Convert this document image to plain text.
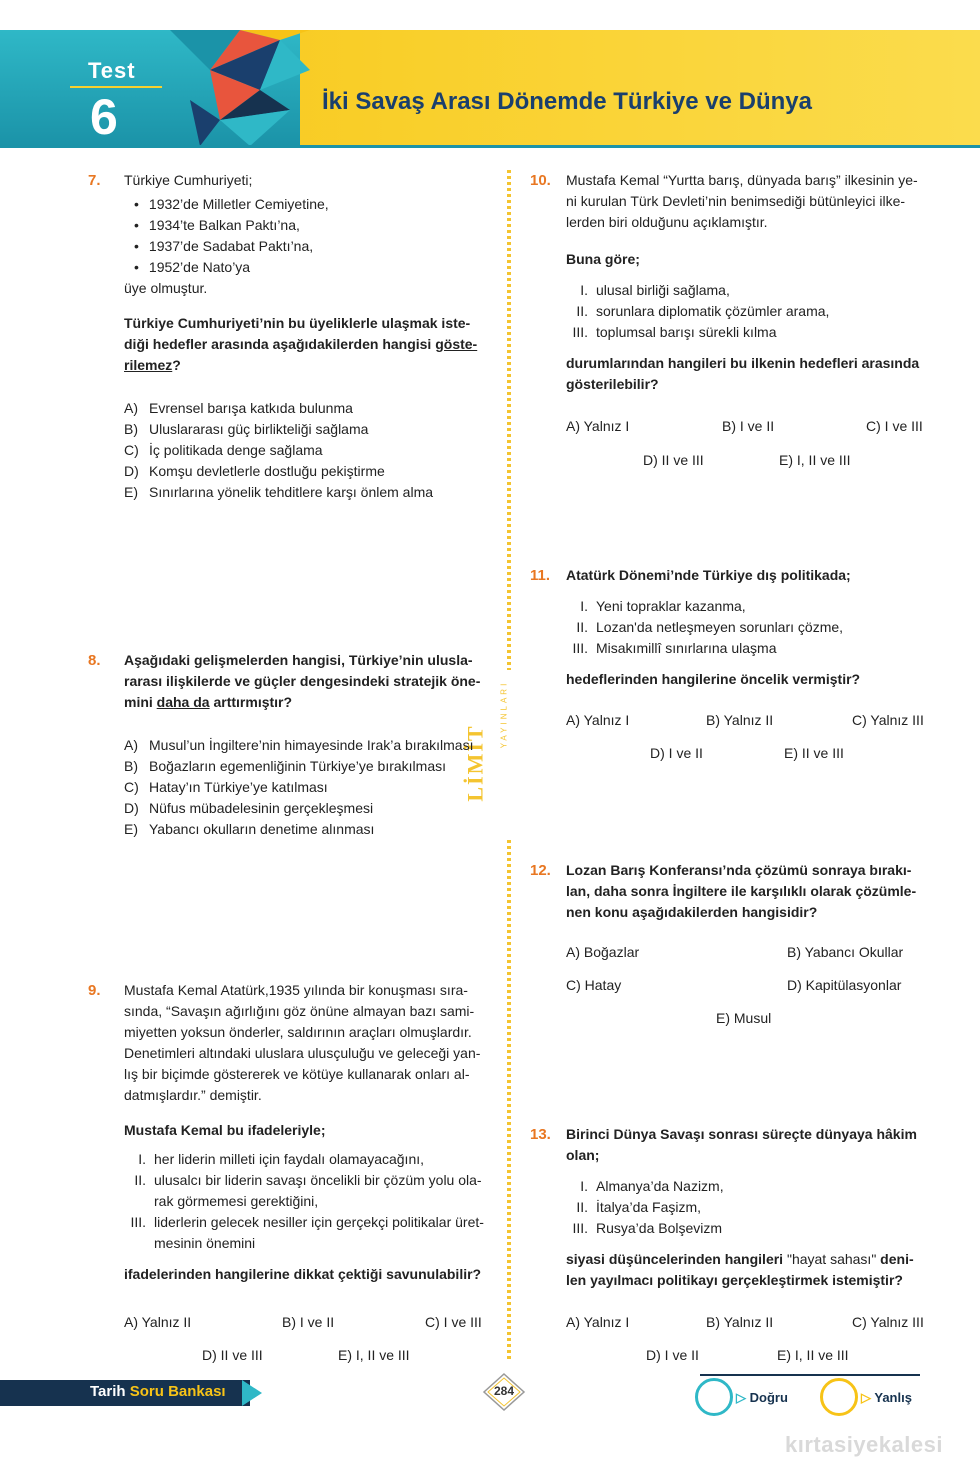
Test
6	İki Savaş Arası Dönemde Türkiye ve Dünya
YAYINLARI
LİMİT
7. Türkiye Cumhuriyeti;
• 1932’de Milletler Cemiyetine,
• 1934’te Balkan Paktı’na,
• 1937’de Sadabat Paktı’na,
• 1952’de Nato’ya
üye olmuştur.
Türkiye Cumhuriyeti’nin bu üyeliklerle ulaşmak iste-
diği hedefler arasında aşağıdakilerden hangisi göste-
rilemez?
A) Evrensel barışa katkıda bulunma
B) Uluslararası güç birlikteliği sağlama
C) İç politikada denge sağlama
D) Komşu devletlerle dostluğu pekiştirme
E) Sınırlarına yönelik tehditlere karşı önlem alma
8. Aşağıdaki gelişmelerden hangisi, Türkiye’nin ulusla-
rarası ilişkilerde ve güçler dengesindeki stratejik öne-
mini daha da arttırmıştır?
A) Musul’un İngiltere’nin himayesinde Irak’a bırakılması
B) Boğazların egemenliğinin Türkiye’ye bırakılması
C) Hatay’ın Türkiye’ye katılması
D) Nüfus mübadelesinin gerçekleşmesi
E) Yabancı okulların denetime alınması
9. Mustafa Kemal Atatürk,1935 yılında bir konuşması sıra-
sında, “Savaşın ağırlığını göz önüne almayan bazı sami-
miyetten yoksun önderler, saldırının araçları olmuşlardır.
Denetimleri altındaki uluslara ulusçuluğu ve geleceği yan-
lış bir biçimde göstererek ve kötüye kullanarak onları al-
datmışlardır.” demiştir.
Mustafa Kemal bu ifadeleriyle;
I. her liderin milleti için faydalı olamayacağını,
II. ulusalcı bir liderin savaşı öncelikli bir çözüm yolu ola-
rak görmemesi gerektiğini,
III. liderlerin gelecek nesiller için gerçekçi politikalar üret-
mesinin önemini
ifadelerinden hangilerine dikkat çektiği savunulabilir?
A) Yalnız II	B) I ve II	C) I ve III
D) II ve III	E) I, II ve III
10. Mustafa Kemal “Yurtta barış, dünyada barış” ilkesinin ye-
ni kurulan Türk Devleti’nin benimsediği bütünleyici ilke-
lerden biri olduğunu açıklamıştır.
Buna göre;
I. ulusal birliği sağlama,
II. sorunlara diplomatik çözümler arama,
III. toplumsal barışı sürekli kılma
durumlarından hangileri bu ilkenin hedefleri arasında
gösterilebilir?
A) Yalnız I	B) I ve II	C) I ve III
D) II ve III	E) I, II ve III
11. Atatürk Dönemi’nde Türkiye dış politikada;
I. Yeni topraklar kazanma,
II. Lozan'da netleşmeyen sorunları çözme,
III. Misakımillî sınırlarına ulaşma
hedeflerinden hangilerine öncelik vermiştir?
A) Yalnız I	B) Yalnız II	C) Yalnız III
D) I ve II	E) II ve III
12. Lozan Barış Konferansı’nda çözümü sonraya bırakı-
lan, daha sonra İngiltere ile karşılıklı olarak çözümle-
nen konu aşağıdakilerden hangisidir?
A) Boğazlar	B) Yabancı Okullar
C) Hatay	D) Kapitülasyonlar
E) Musul
13. Birinci Dünya Savaşı sonrası süreçte dünyaya hâkim
olan;
I. Almanya’da Nazizm,
II. İtalya’da Faşizm,
III. Rusya’da Bolşevizm
siyasi düşüncelerinden hangileri "hayat sahası" deni-
len yayılmacı politikayı gerçekleştirmek istemiştir?
A) Yalnız I	B) Yalnız II	C) Yalnız III
D) I ve II	E) I, II ve III
Tarih Soru Bankası	284	▷ Doğru	▷ Yanlış
kırtasiyekalesi
